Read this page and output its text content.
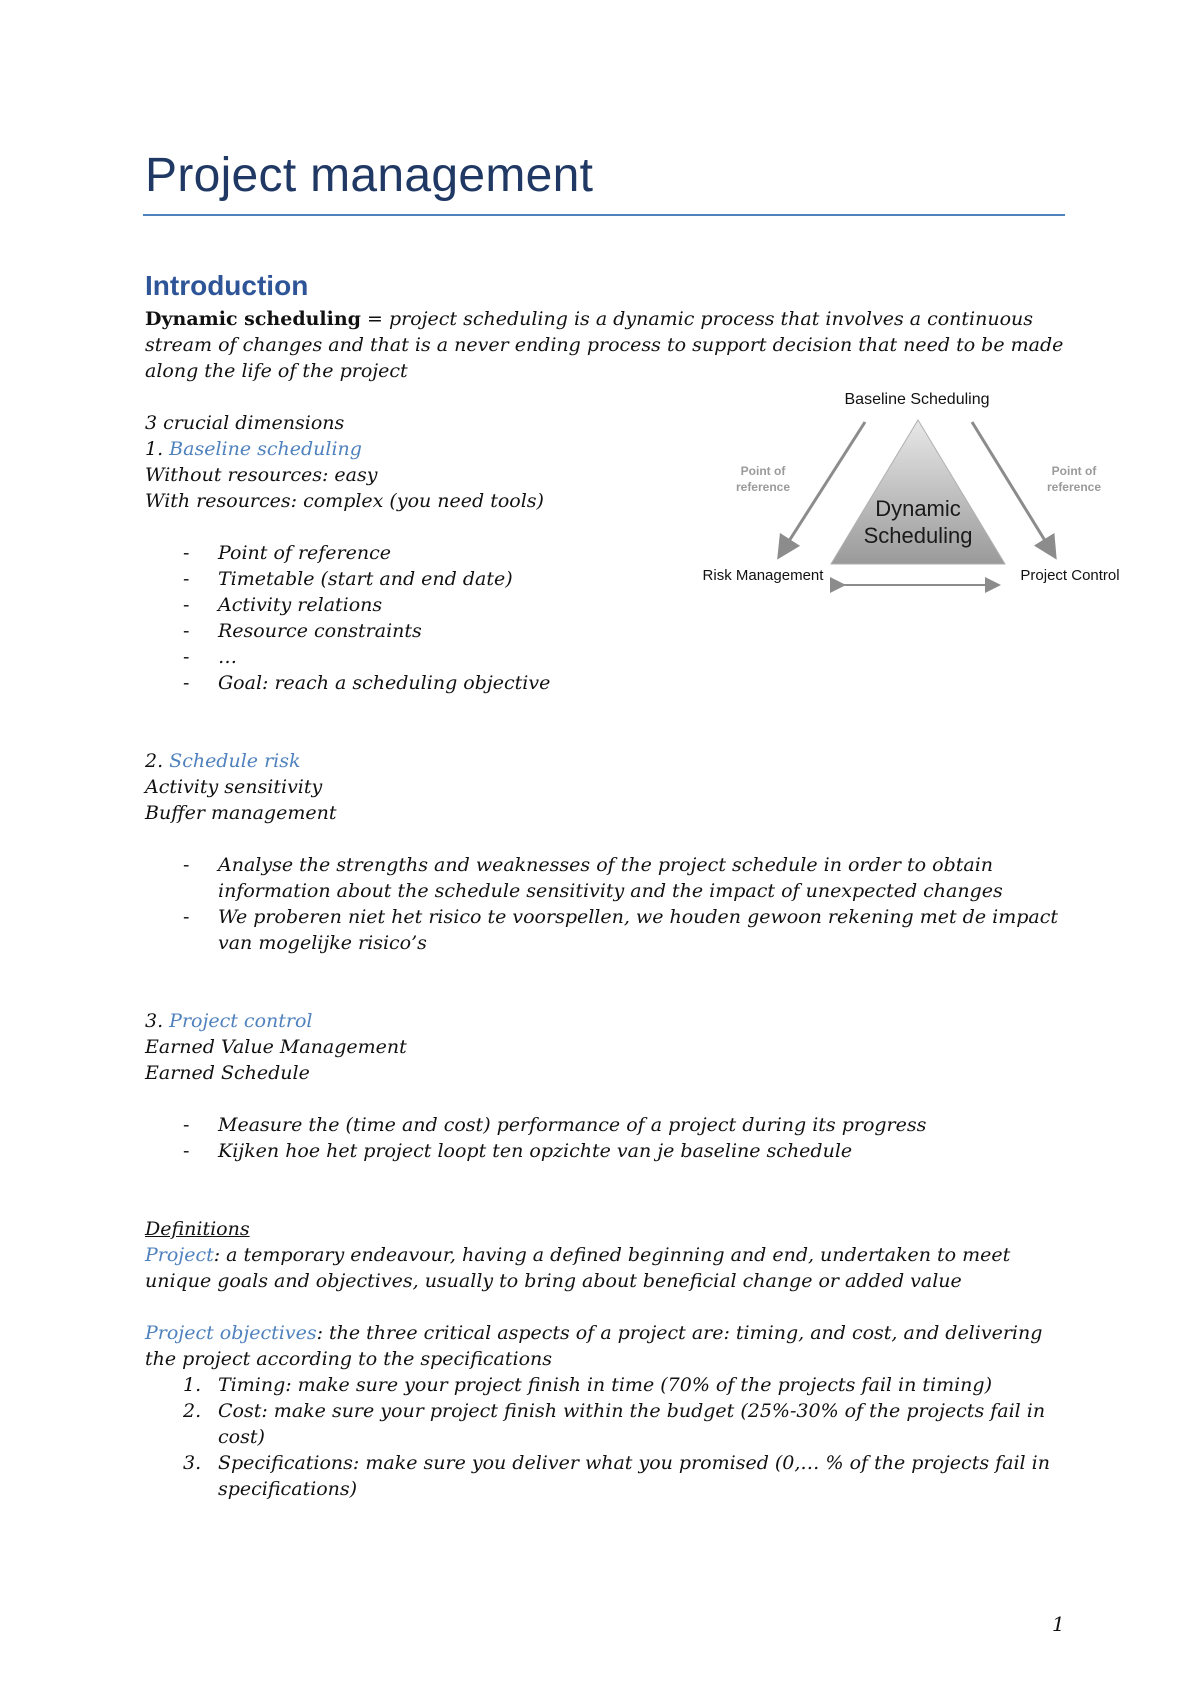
Project management
Introduction
Dynamic scheduling = project scheduling is a dynamic process that involves a continuous stream of changes and that is a never ending process to support decision that need to be made along the life of the project
3 crucial dimensions
1. Baseline scheduling
Without resources: easy
With resources: complex (you need tools)
- Point of reference
- Timetable (start and end date)
- Activity relations
- Resource constraints
- …
- Goal: reach a scheduling objective
Baseline Scheduling
Dynamic
Scheduling
Point of
reference
Point of
reference
Risk Management	Project Control
2. Schedule risk
Activity sensitivity
Buffer management
- Analyse the strengths and weaknesses of the project schedule in order to obtain information about the schedule sensitivity and the impact of unexpected changes
- We proberen niet het risico te voorspellen, we houden gewoon rekening met de impact van mogelijke risico’s
3. Project control
Earned Value Management
Earned Schedule
- Measure the (time and cost) performance of a project during its progress
- Kijken hoe het project loopt ten opzichte van je baseline schedule
Definitions
Project: a temporary endeavour, having a defined beginning and end, undertaken to meet unique goals and objectives, usually to bring about beneficial change or added value
Project objectives: the three critical aspects of a project are: timing, and cost, and delivering the project according to the specifications
1. Timing: make sure your project finish in time (70% of the projects fail in timing)
2. Cost: make sure your project finish within the budget (25%-30% of the projects fail in cost)
3. Specifications: make sure you deliver what you promised (0,… % of the projects fail in specifications)
1
